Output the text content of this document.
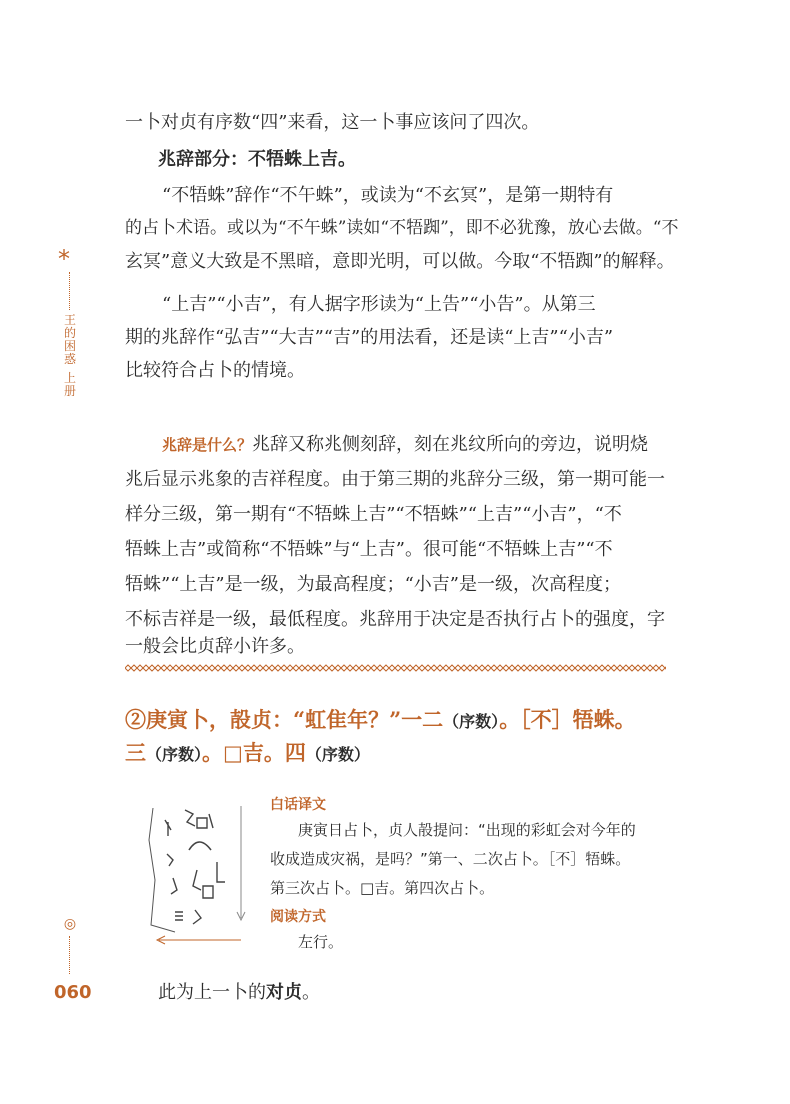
*
王的困惑
上册
◎
060

一卜对贞有序数“四”来看，这一卜事应该问了四次。

兆辞部分：不牾蛛上吉。

“不牾蛛”辞作“不午蛛”，或读为“不玄冥”，是第一期特有

的占卜术语。或以为“不午蛛”读如“不牾踟”，即不必犹豫，放心去做。“不

玄冥”意义大致是不黑暗，意即光明，可以做。今取“不牾踟”的解释。

“上吉”“小吉”，有人据字形读为“上告”“小告”。从第三

期的兆辞作“弘吉”“大吉”“吉”的用法看，还是读“上吉”“小吉”

比较符合占卜的情境。

兆辞是什么？兆辞又称兆侧刻辞，刻在兆纹所向的旁边，说明烧

兆后显示兆象的吉祥程度。由于第三期的兆辞分三级，第一期可能一

样分三级，第一期有“不牾蛛上吉”“不牾蛛”“上吉”“小吉”，“不

牾蛛上吉”或简称“不牾蛛”与“上吉”。很可能“不牾蛛上吉”“不

牾蛛”“上吉”是一级，为最高程度；“小吉”是一级，次高程度；

不标吉祥是一级，最低程度。兆辞用于决定是否执行占卜的强度，字

一般会比贞辞小许多。

②庚寅卜，㱿贞：“虹隹年？”一二（序数）。［不］牾蛛。
三（序数）。□吉。四（序数）
白话译文
庚寅日占卜，贞人㱿提问：“出现的彩虹会对今年的
收成造成灾祸，是吗？”第一、二次占卜。［不］牾蛛。
第三次占卜。□吉。第四次占卜。
阅读方式
左行。

此为上一卜的对贞。
